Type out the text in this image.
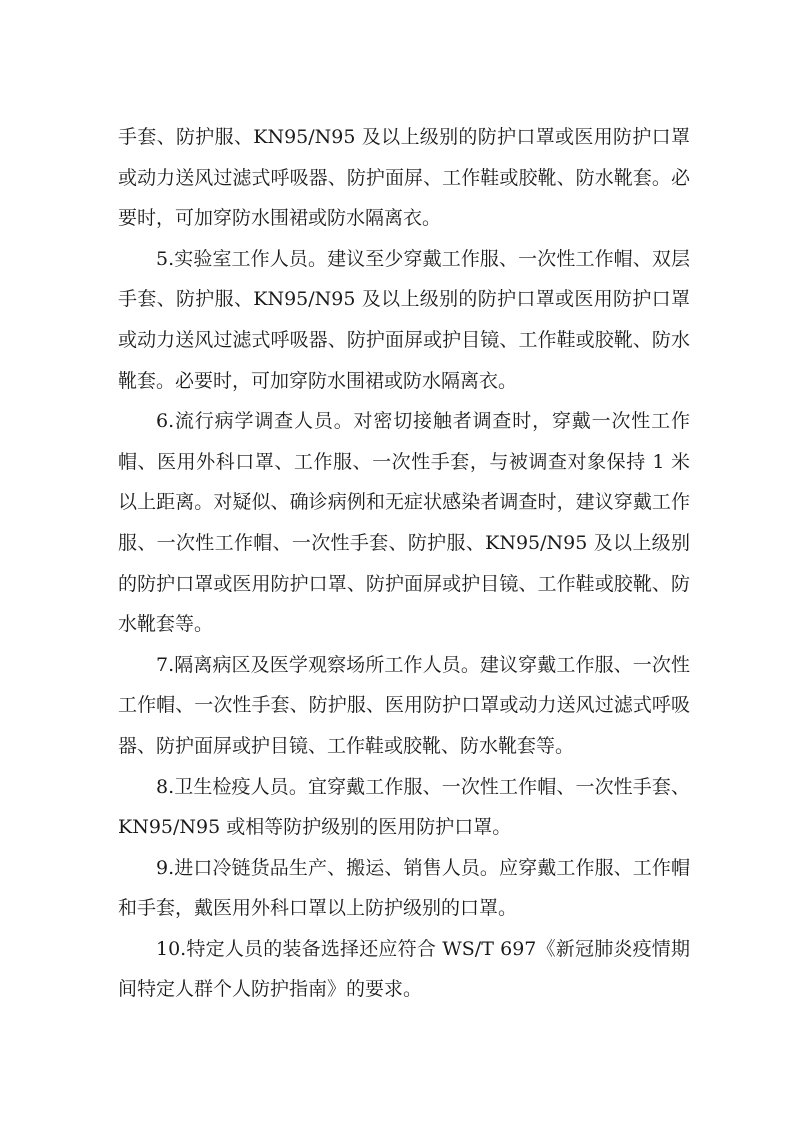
手套、防护服、KN95/N95 及以上级别的防护口罩或医用防护口罩或动力送风过滤式呼吸器、防护面屏、工作鞋或胶靴、防水靴套。必要时，可加穿防水围裙或防水隔离衣。

5.实验室工作人员。建议至少穿戴工作服、一次性工作帽、双层手套、防护服、KN95/N95 及以上级别的防护口罩或医用防护口罩或动力送风过滤式呼吸器、防护面屏或护目镜、工作鞋或胶靴、防水靴套。必要时，可加穿防水围裙或防水隔离衣。

6.流行病学调查人员。对密切接触者调查时，穿戴一次性工作帽、医用外科口罩、工作服、一次性手套，与被调查对象保持 1 米以上距离。对疑似、确诊病例和无症状感染者调查时，建议穿戴工作服、一次性工作帽、一次性手套、防护服、KN95/N95 及以上级别的防护口罩或医用防护口罩、防护面屏或护目镜、工作鞋或胶靴、防水靴套等。

7.隔离病区及医学观察场所工作人员。建议穿戴工作服、一次性工作帽、一次性手套、防护服、医用防护口罩或动力送风过滤式呼吸器、防护面屏或护目镜、工作鞋或胶靴、防水靴套等。

8.卫生检疫人员。宜穿戴工作服、一次性工作帽、一次性手套、KN95/N95 或相等防护级别的医用防护口罩。

9.进口冷链货品生产、搬运、销售人员。应穿戴工作服、工作帽和手套，戴医用外科口罩以上防护级别的口罩。

10.特定人员的装备选择还应符合 WS/T 697《新冠肺炎疫情期间特定人群个人防护指南》的要求。
